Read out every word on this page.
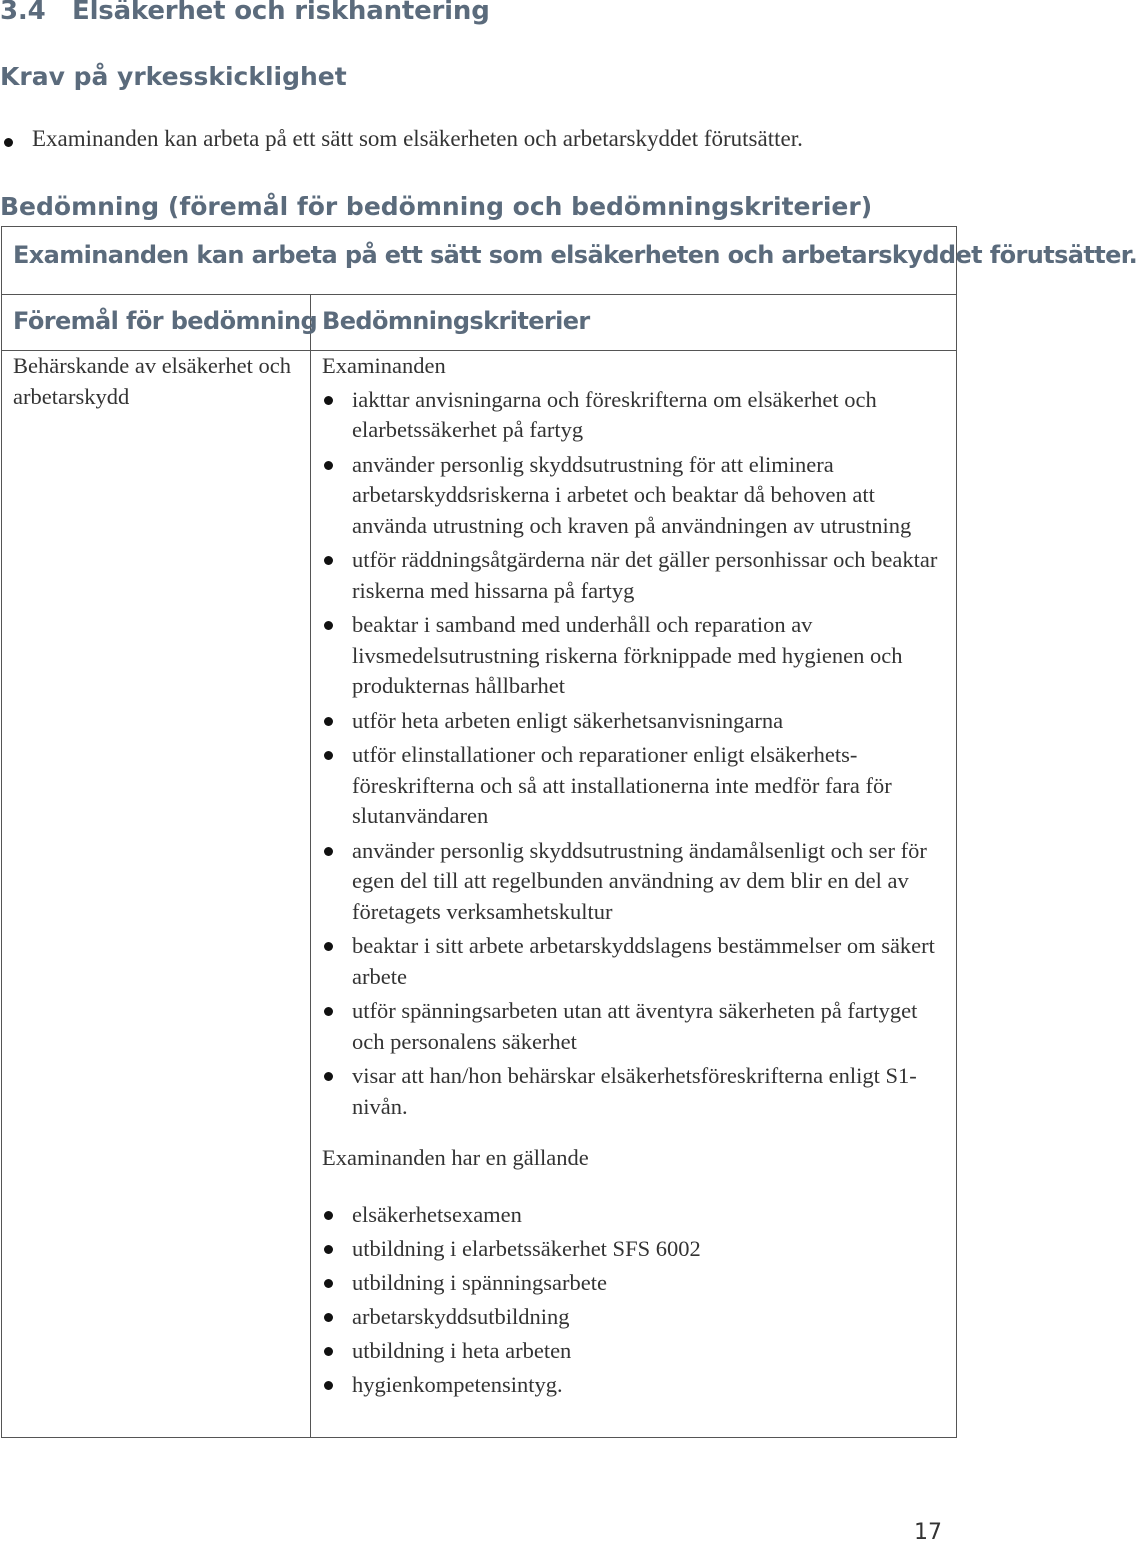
3.4 Elsäkerhet och riskhantering
Krav på yrkesskicklighet
Examinanden kan arbeta på ett sätt som elsäkerheten och arbetarskyddet förutsätter.
Bedömning (föremål för bedömning och bedömningskriterier)
Examinanden kan arbeta på ett sätt som elsäkerheten och arbetarskyddet förutsätter.
Föremål för bedömning Bedömningskriterier
Behärskande av elsäkerhet och arbetarskydd

Examinanden

iakttar anvisningarna och föreskrifterna om elsäkerhet och elarbetssäkerhet på fartyg
använder personlig skyddsutrustning för att eliminera arbetarskyddsriskerna i arbetet och beaktar då behoven att använda utrustning och kraven på användningen av utrustning
utför räddningsåtgärderna när det gäller personhissar och beaktar riskerna med hissarna på fartyg
beaktar i samband med underhåll och reparation av livsmedelsutrustning riskerna förknippade med hygienen och produkternas hållbarhet
utför heta arbeten enligt säkerhetsanvisningarna
utför elinstallationer och reparationer enligt elsäkerhets-föreskrifterna och så att installationerna inte medför fara för slutanvändaren
använder personlig skyddsutrustning ändamålsenligt och ser för egen del till att regelbunden användning av dem blir en del av företagets verksamhetskultur
beaktar i sitt arbete arbetarskyddslagens bestämmelser om säkert arbete
utför spänningsarbeten utan att äventyra säkerheten på fartyget och personalens säkerhet
visar att han/hon behärskar elsäkerhetsföreskrifterna enligt S1-nivån.

Examinanden har en gällande

elsäkerhetsexamen
utbildning i elarbetssäkerhet SFS 6002
utbildning i spänningsarbete
arbetarskyddsutbildning
utbildning i heta arbeten
hygienkompetensintyg.
17
